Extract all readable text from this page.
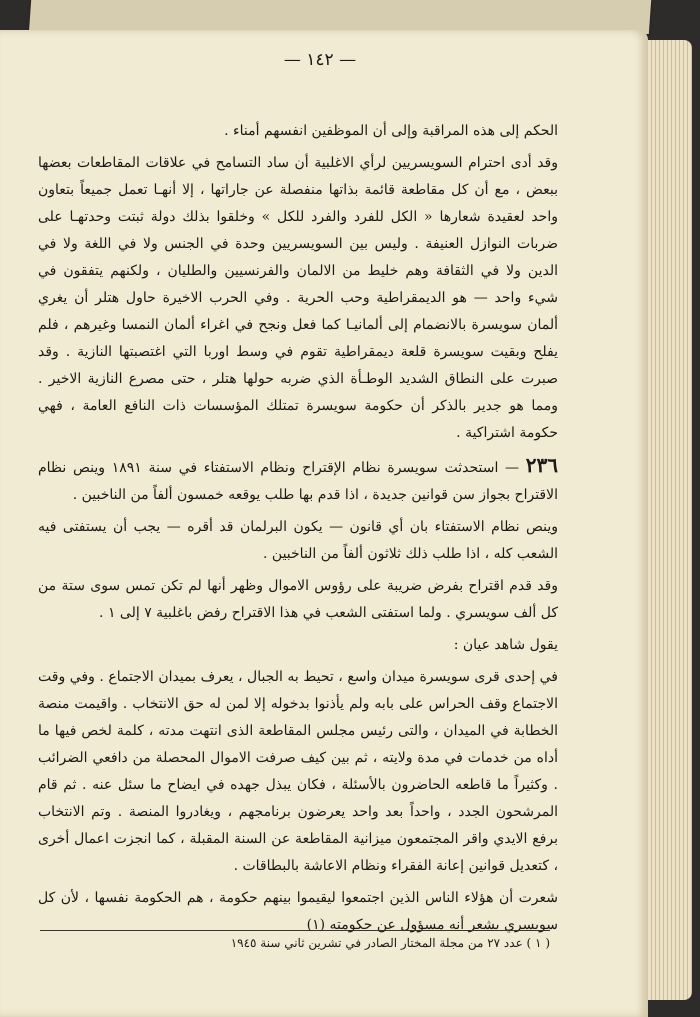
— ١٤٢ —

الحكم إلى هذه المراقبة وإلى أن الموظفين انفسهم أمناء .

وقد أدى احترام السويسريين لرأي الاغلبية أن ساد التسامح في علاقات المقاطعات بعضها ببعض ، مع أن كل مقاطعة قائمة بذاتها منفصلة عن جاراتها ، إلا أنهـا تعمل جميعاً بتعاون واحد لعقيدة شعارها « الكل للفرد والفرد للكل » وخلقوا بذلك دولة ثبتت وحدتهـا على ضربات النوازل العنيفة . وليس بين السويسريين وحدة في الجنس ولا في اللغة ولا في الدين ولا في الثقافة وهم خليط من الالمان والفرنسيين والطليان ، ولكنهم يتفقون في شيء واحد — هو الديمقراطية وحب الحرية . وفي الحرب الاخيرة حاول هتلر أن يغري ألمان سويسرة بالانضمام إلى ألمانيـا كما فعل ونجح في اغراء ألمان النمسا وغيرهم ، فلم يفلح وبقيت سويسرة قلعة ديمقراطية تقوم في وسط اوربا التي اغتصبتها النازية . وقد صبرت على النطاق الشديد الوطـأة الذي ضربه حولها هتلر ، حتى مصرع النازية الاخير . ومما هو جدير بالذكر أن حكومة سويسرة تمتلك المؤسسات ذات النافع العامة ، فهي حكومة اشتراكية .

٢٣٦ — استحدثت سويسرة نظام الإقتراح ونظام الاستفتاء في سنة ١٨٩١ وينص نظام الاقتراح بجواز سن قوانين جديدة ، اذا قدم بها طلب يوقعه خمسون ألفاً من الناخبين .

وينص نظام الاستفتاء بان أي قانون — يكون البرلمان قد أقره — يجب أن يستفتى فيه الشعب كله ، اذا طلب ذلك ثلاثون ألفاً من الناخبين .

وقد قدم اقتراح بفرض ضريبة على رؤوس الاموال وظهر أنها لم تكن تمس سوى ستة من كل ألف سويسري . ولما استفتى الشعب في هذا الاقتراح رفض باغلبية ٧ إلى ١ .

يقول شاهد عيان :

في إحدى قرى سويسرة ميدان واسع ، تحيط به الجبال ، يعرف بميدان الاجتماع . وفي وقت الاجتماع وقف الحراس على بابه ولم يأذنوا بدخوله إلا لمن له حق الانتخاب . واقيمت منصة الخطابة في الميدان ، والتى رئيس مجلس المقاطعة الذى انتهت مدته ، كلمة لخص فيها ما أداه من خدمات في مدة ولايته ، ثم بين كيف صرفت الاموال المحصلة من دافعي الضرائب . وكثيراً ما قاطعه الحاضرون بالأسئلة ، فكان يبذل جهده في ايضاح ما سئل عنه . ثم قام المرشحون الجدد ، واحداً بعد واحد يعرضون برنامجهم ، ويغادروا المنصة . وتم الانتخاب برفع الايدي واقر المجتمعون ميزانية المقاطعة عن السنة المقبلة ، كما انجزت اعمال أخرى ، كتعديل قوانين إعانة الفقراء ونظام الاعاشة بالبطاقات .

شعرت أن هؤلاء الناس الذين اجتمعوا ليقيموا بينهم حكومة ، هم الحكومة نفسها ، لأن كل سويسري يشعر أنه مسؤول عن حكومته (١)

( ١ ) عدد ٢٧ من مجلة المختار الصادر في تشرين ثاني سنة ١٩٤٥
